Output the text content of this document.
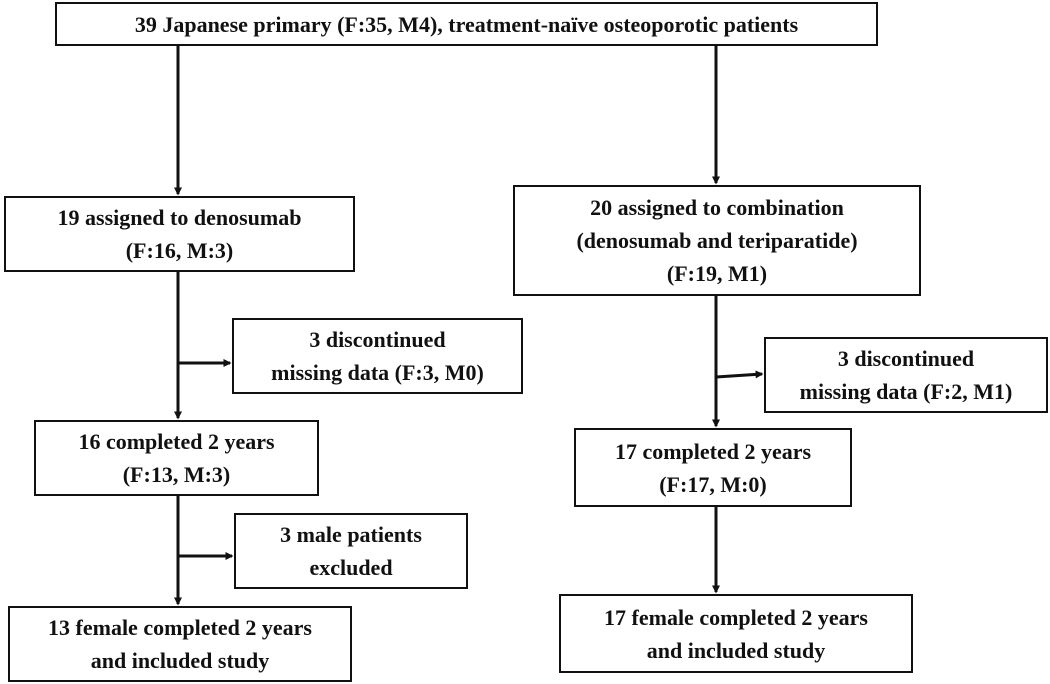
39 Japanese primary (F:35, M4), treatment-naïve osteoporotic patients
19 assigned to denosumab
(F:16, M:3)
3 discontinued
missing data (F:3, M0)
16 completed 2 years
(F:13, M:3)
3 male patients
excluded
13 female completed 2 years
and included study
20 assigned to combination
(denosumab and teriparatide)
(F:19, M1)
3 discontinued
missing data (F:2, M1)
17 completed 2 years
(F:17, M:0)
17 female completed 2 years
and included study
